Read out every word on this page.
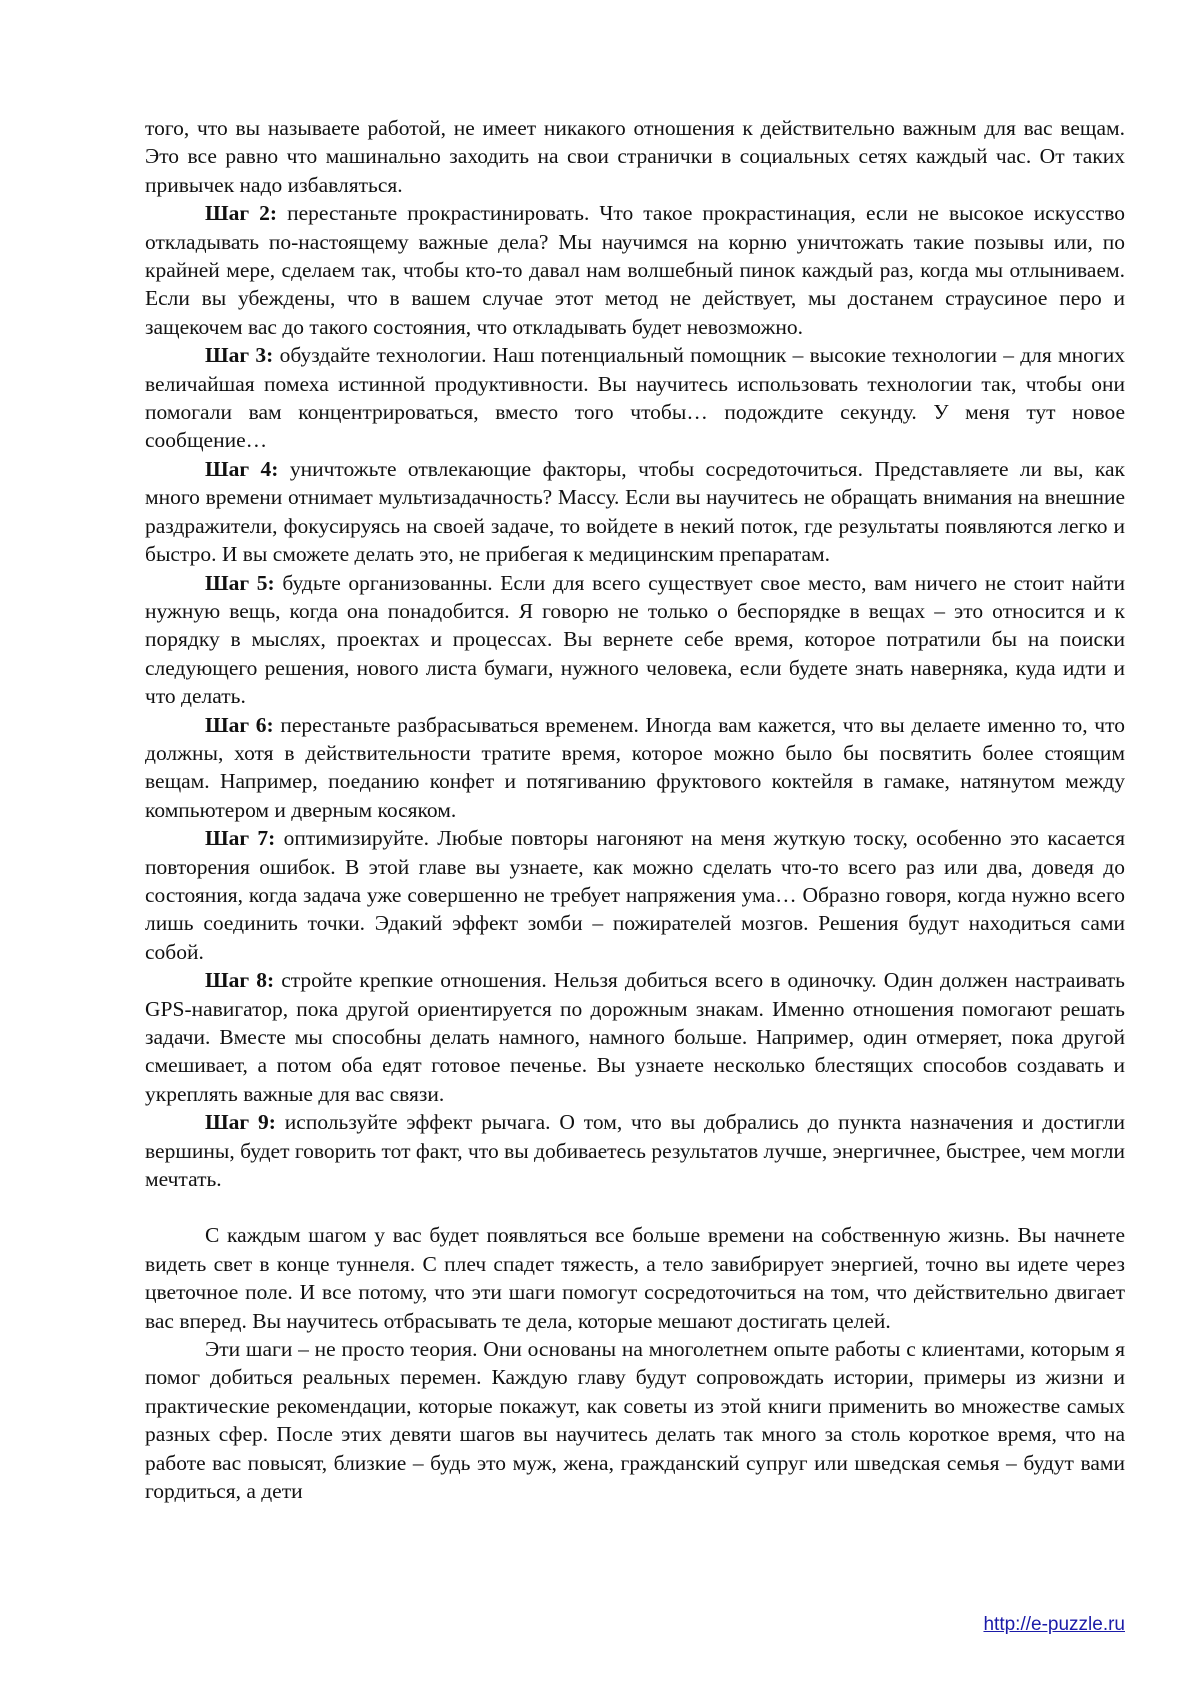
того, что вы называете работой, не имеет никакого отношения к действительно важным для вас вещам. Это все равно что машинально заходить на свои странички в социальных сетях каждый час. От таких привычек надо избавляться.

Шаг 2: перестаньте прокрастинировать. Что такое прокрастинация, если не высокое искусство откладывать по-настоящему важные дела? Мы научимся на корню уничтожать такие позывы или, по крайней мере, сделаем так, чтобы кто-то давал нам волшебный пинок каждый раз, когда мы отлыниваем. Если вы убеждены, что в вашем случае этот метод не действует, мы достанем страусиное перо и защекочем вас до такого состояния, что откладывать будет невозможно.

Шаг 3: обуздайте технологии. Наш потенциальный помощник – высокие технологии – для многих величайшая помеха истинной продуктивности. Вы научитесь использовать технологии так, чтобы они помогали вам концентрироваться, вместо того чтобы… подождите секунду. У меня тут новое сообщение…

Шаг 4: уничтожьте отвлекающие факторы, чтобы сосредоточиться. Представляете ли вы, как много времени отнимает мультизадачность? Массу. Если вы научитесь не обращать внимания на внешние раздражители, фокусируясь на своей задаче, то войдете в некий поток, где результаты появляются легко и быстро. И вы сможете делать это, не прибегая к медицинским препаратам.

Шаг 5: будьте организованны. Если для всего существует свое место, вам ничего не стоит найти нужную вещь, когда она понадобится. Я говорю не только о беспорядке в вещах – это относится и к порядку в мыслях, проектах и процессах. Вы вернете себе время, которое потратили бы на поиски следующего решения, нового листа бумаги, нужного человека, если будете знать наверняка, куда идти и что делать.

Шаг 6: перестаньте разбрасываться временем. Иногда вам кажется, что вы делаете именно то, что должны, хотя в действительности тратите время, которое можно было бы посвятить более стоящим вещам. Например, поеданию конфет и потягиванию фруктового коктейля в гамаке, натянутом между компьютером и дверным косяком.

Шаг 7: оптимизируйте. Любые повторы нагоняют на меня жуткую тоску, особенно это касается повторения ошибок. В этой главе вы узнаете, как можно сделать что-то всего раз или два, доведя до состояния, когда задача уже совершенно не требует напряжения ума… Образно говоря, когда нужно всего лишь соединить точки. Эдакий эффект зомби – пожирателей мозгов. Решения будут находиться сами собой.

Шаг 8: стройте крепкие отношения. Нельзя добиться всего в одиночку. Один должен настраивать GPS-навигатор, пока другой ориентируется по дорожным знакам. Именно отношения помогают решать задачи. Вместе мы способны делать намного, намного больше. Например, один отмеряет, пока другой смешивает, а потом оба едят готовое печенье. Вы узнаете несколько блестящих способов создавать и укреплять важные для вас связи.

Шаг 9: используйте эффект рычага. О том, что вы добрались до пункта назначения и достигли вершины, будет говорить тот факт, что вы добиваетесь результатов лучше, энергичнее, быстрее, чем могли мечтать.

С каждым шагом у вас будет появляться все больше времени на собственную жизнь. Вы начнете видеть свет в конце туннеля. С плеч спадет тяжесть, а тело завибрирует энергией, точно вы идете через цветочное поле. И все потому, что эти шаги помогут сосредоточиться на том, что действительно двигает вас вперед. Вы научитесь отбрасывать те дела, которые мешают достигать целей.

Эти шаги – не просто теория. Они основаны на многолетнем опыте работы с клиентами, которым я помог добиться реальных перемен. Каждую главу будут сопровождать истории, примеры из жизни и практические рекомендации, которые покажут, как советы из этой книги применить во множестве самых разных сфер. После этих девяти шагов вы научитесь делать так много за столь короткое время, что на работе вас повысят, близкие – будь это муж, жена, гражданский супруг или шведская семья – будут вами гордиться, а дети

http://e-puzzle.ru
